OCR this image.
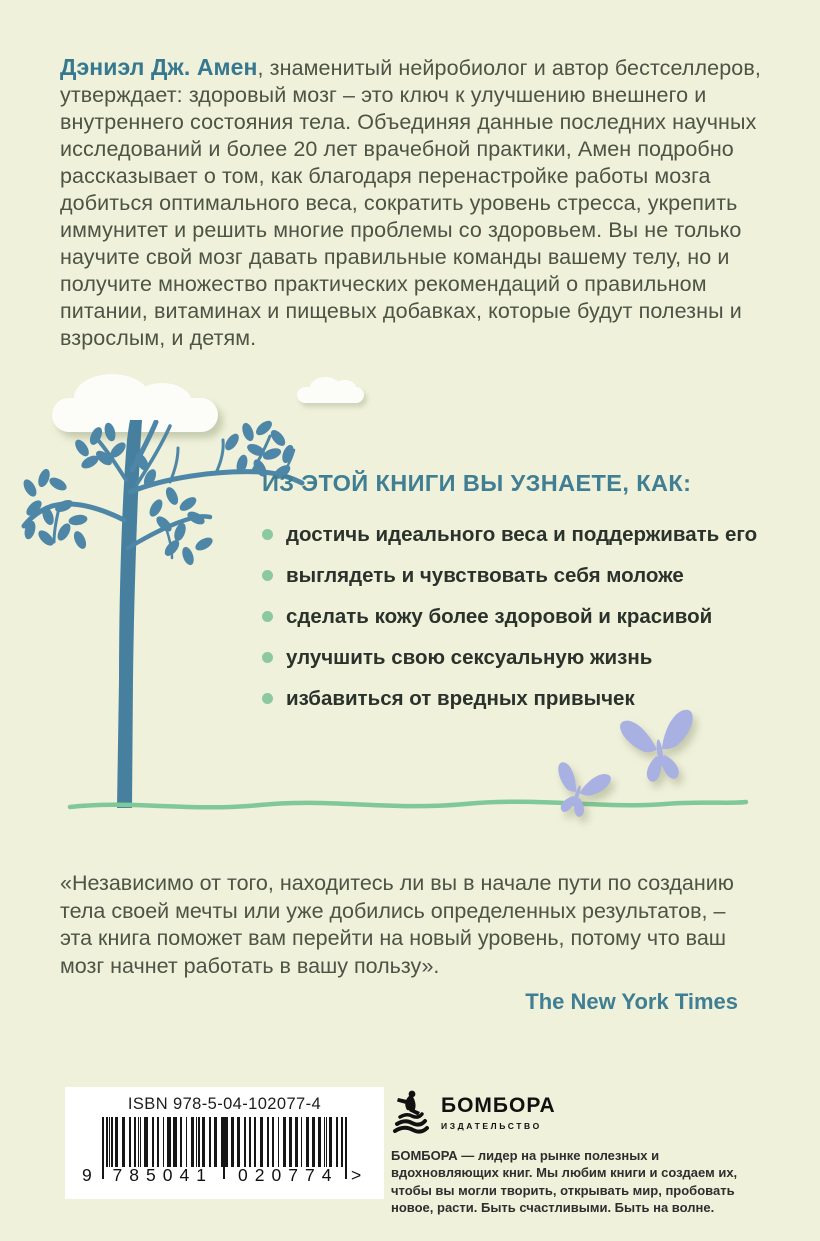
Дэниэл Дж. Амен, знаменитый нейробиолог и автор бестселлеров, утверждает: здоровый мозг – это ключ к улучшению внешнего и внутреннего состояния тела. Объединяя данные последних научных исследований и более 20 лет врачебной практики, Амен подробно рассказывает о том, как благодаря перенастройке работы мозга добиться оптимального веса, сократить уровень стресса, укрепить иммунитет и решить многие проблемы со здоровьем. Вы не только научите свой мозг давать правильные команды вашему телу, но и получите множество практических рекомендаций о правильном питании, витаминах и пищевых добавках, которые будут полезны и взрослым, и детям.

ИЗ ЭТОЙ КНИГИ ВЫ УЗНАЕТЕ, КАК:
достичь идеального веса и поддерживать его
выглядеть и чувствовать себя моложе
сделать кожу более здоровой и красивой
улучшить свою сексуальную жизнь
избавиться от вредных привычек

«Независимо от того, находитесь ли вы в начале пути по созданию тела своей мечты или уже добились определенных результатов, – эта книга поможет вам перейти на новый уровень, потому что ваш мозг начнет работать в вашу пользу».

The New York Times
ISBN 978-5-04-102077-4
9	785041	020774 >
БОМБОРА
ИЗДАТЕЛЬСТВО

БОМБОРА — лидер на рынке полезных и вдохновляющих книг. Мы любим книги и создаем их, чтобы вы могли творить, открывать мир, пробовать новое, расти. Быть счастливыми. Быть на волне.
